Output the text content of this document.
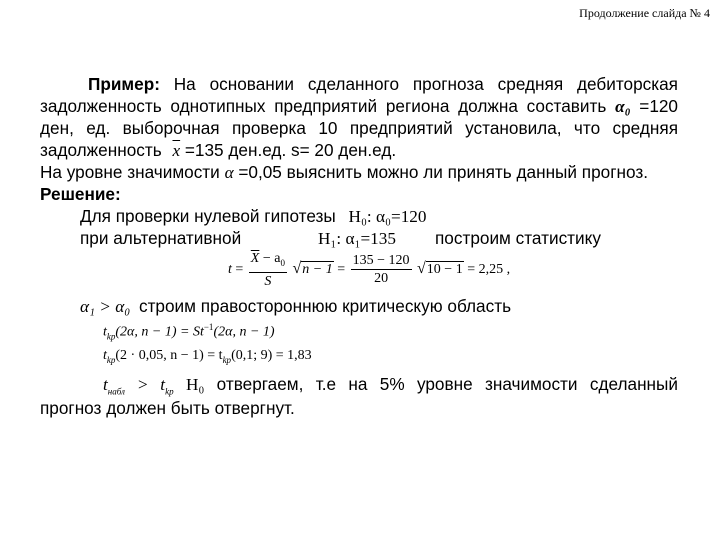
Продолжение слайда № 4
Пример: На основании сделанного прогноза средняя дебиторская
задолженность однотипных предприятий региона должна составить α₀ =120
ден, ед. выборочная проверка 10 предприятий установила, что средняя
задолженность $\overline{x} =135$ ден.ед. s= 20 ден.ед.
На уровне значимости α =0,05 выяснить можно ли принять данный прогноз.
Решение:
Для проверки нулевой гипотезы H₀: α₀=120
при альтернативной	H₁: α₁=135 построим статистику
$t = \frac{\overline{X} - a_0}{S} √n - 1 = \frac{135 - 120}{20} √10 - 1 = 2,25$ ,
α₁ > α₀ строим правостороннюю критическую область
$t_{kp}(2\alpha$, $n - 1) = St^{-1}(2\alpha$, n − 1)
$t_{kp}(2 \cdot 0,05$, $n - 1) = t_{kp}(0,1$; 9) = 1,83
$t_{набл} > t_{kp}$ H₀ отвергаем, т.е на 5% уровне значимости сделанный
прогноз должен быть отвергнут.
